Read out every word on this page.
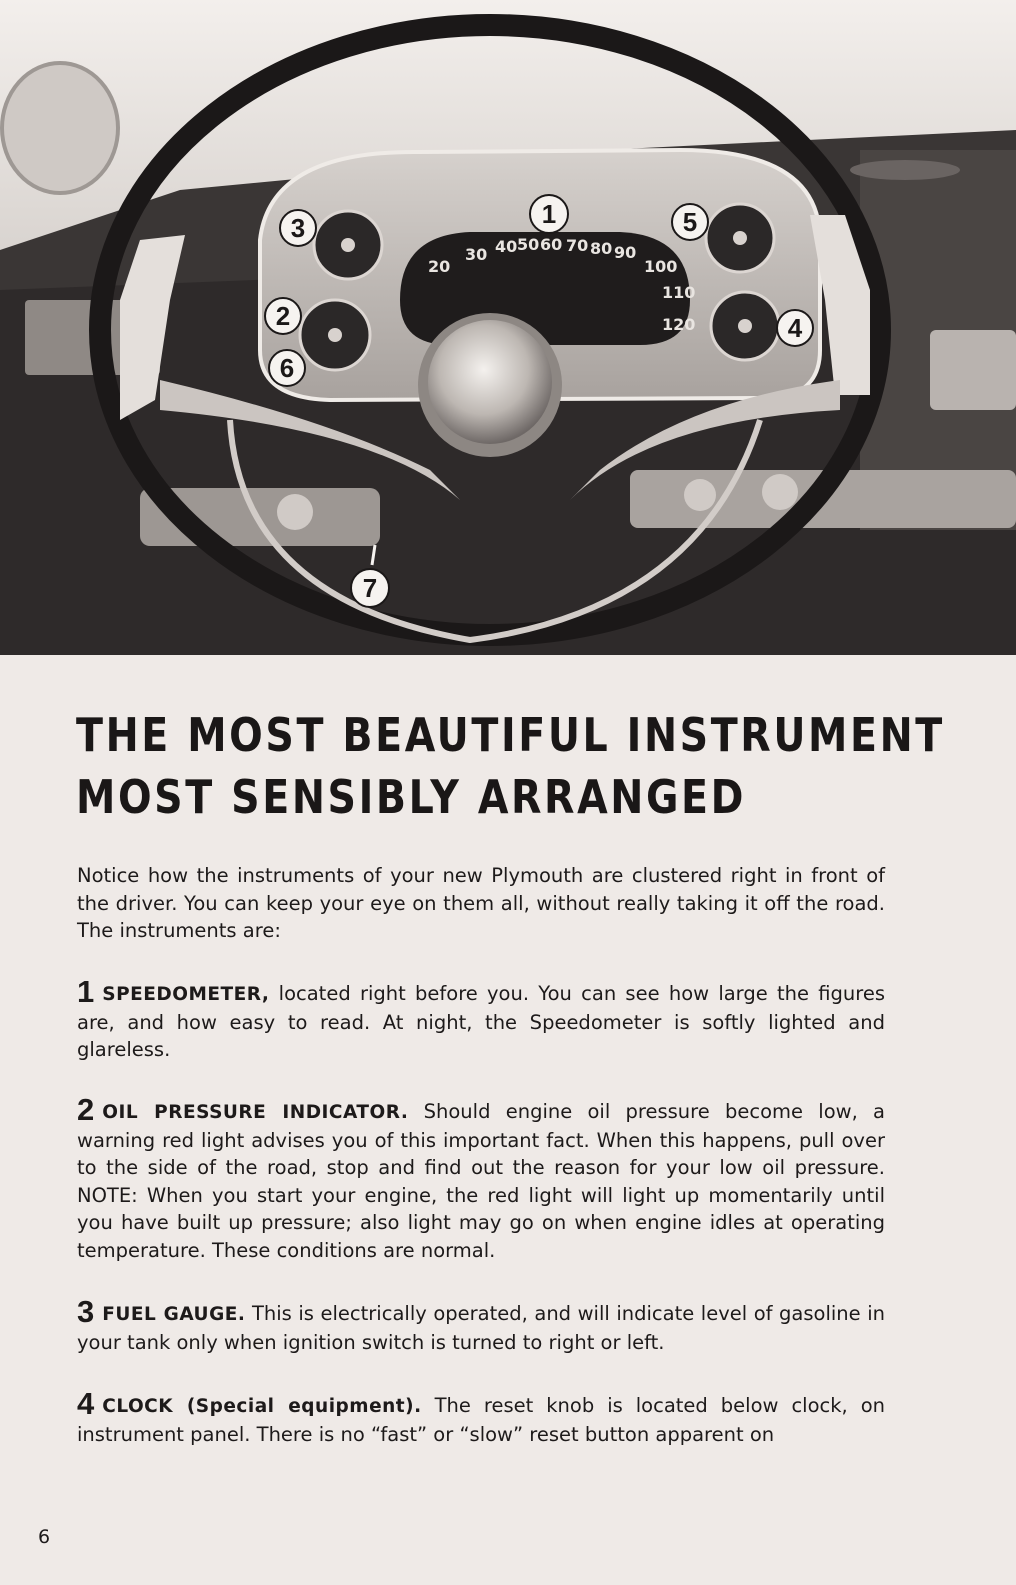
20
30 40 50 60 70 80 90
100
110
120
1
2
3
4
5
6
7
THE MOST BEAUTIFUL INSTRUMENT
MOST SENSIBLY ARRANGED

Notice how the instruments of your new Plymouth are clustered right in front of the driver. You can keep your eye on them all, without really taking it off the road. The instruments are:

1 SPEEDOMETER, located right before you. You can see how large the figures are, and how easy to read. At night, the Speedometer is softly lighted and glareless.

2 OIL PRESSURE INDICATOR. Should engine oil pressure become low, a warning red light advises you of this important fact. When this happens, pull over to the side of the road, stop and find out the reason for your low oil pressure. NOTE: When you start your engine, the red light will light up momentarily until you have built up pressure; also light may go on when engine idles at operating temperature. These conditions are normal.

3 FUEL GAUGE. This is electrically operated, and will indicate level of gasoline in your tank only when ignition switch is turned to right or left.

4 CLOCK (Special equipment). The reset knob is located below clock, on instrument panel. There is no “fast” or “slow” reset button apparent on

6
